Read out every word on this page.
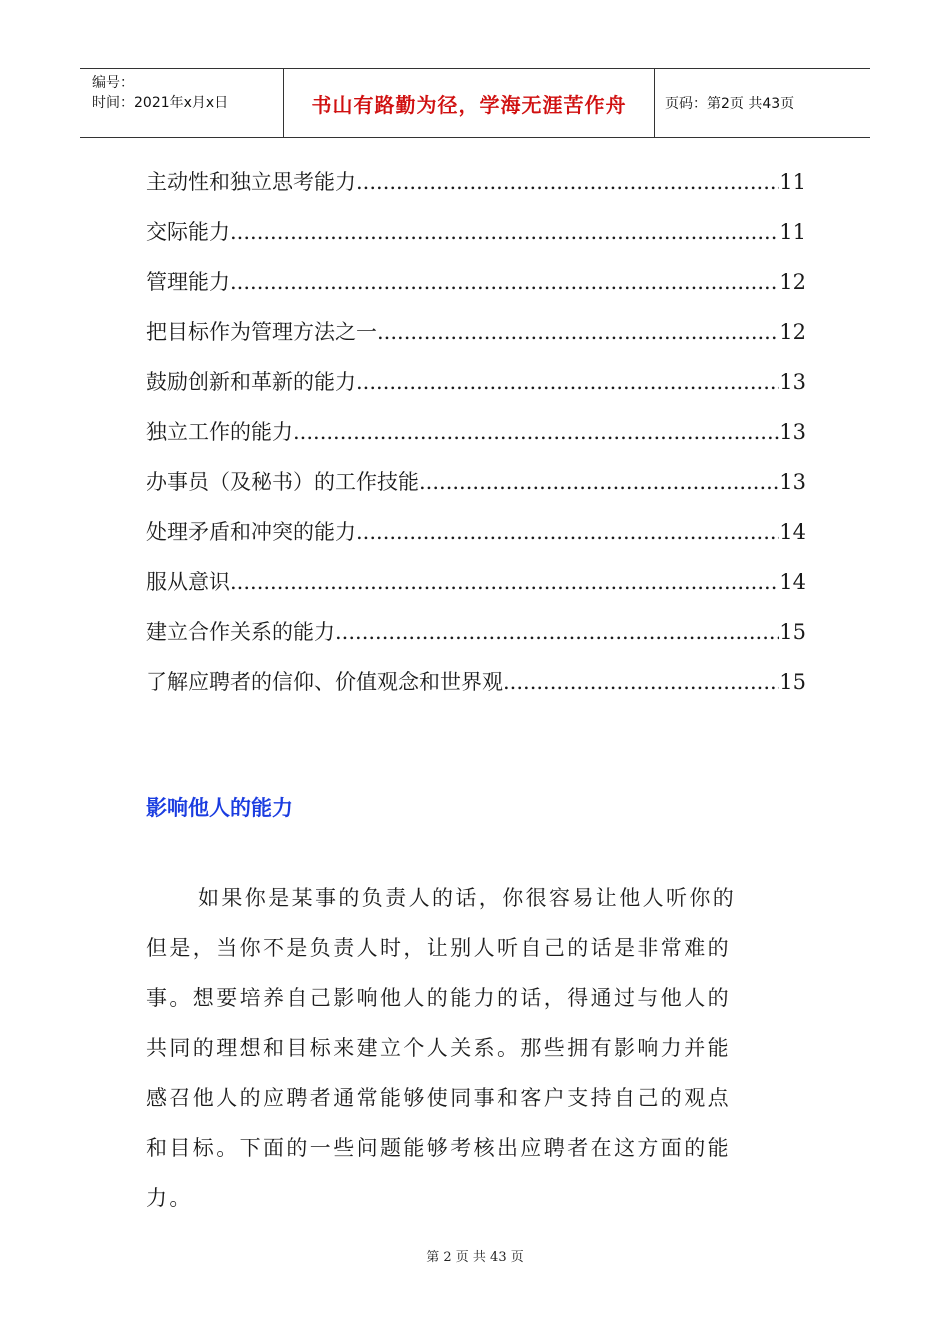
编号：
时间：2021年x月x日	书山有路勤为径，学海无涯苦作舟	页码：第2页 共43页
主动性和独立思考能力 .....	11
交际能力 .....	11
管理能力 .....	12
把目标作为管理方法之一 .....	12
鼓励创新和革新的能力 .....	13
独立工作的能力 .....	13
办事员（及秘书）的工作技能 .....	13
处理矛盾和冲突的能力 .....	14
服从意识 .....	14
建立合作关系的能力 .....	15
了解应聘者的信仰、价值观念和世界观 .....	15
影响他人的能力
如果你是某事的负责人的话，你很容易让他人听你的
但是，当你不是负责人时，让别人听自己的话是非常难的
事。想要培养自己影响他人的能力的话，得通过与他人的
共同的理想和目标来建立个人关系。那些拥有影响力并能
感召他人的应聘者通常能够使同事和客户支持自己的观点
和目标。下面的一些问题能够考核出应聘者在这方面的能
力。
第 2 页 共 43 页
